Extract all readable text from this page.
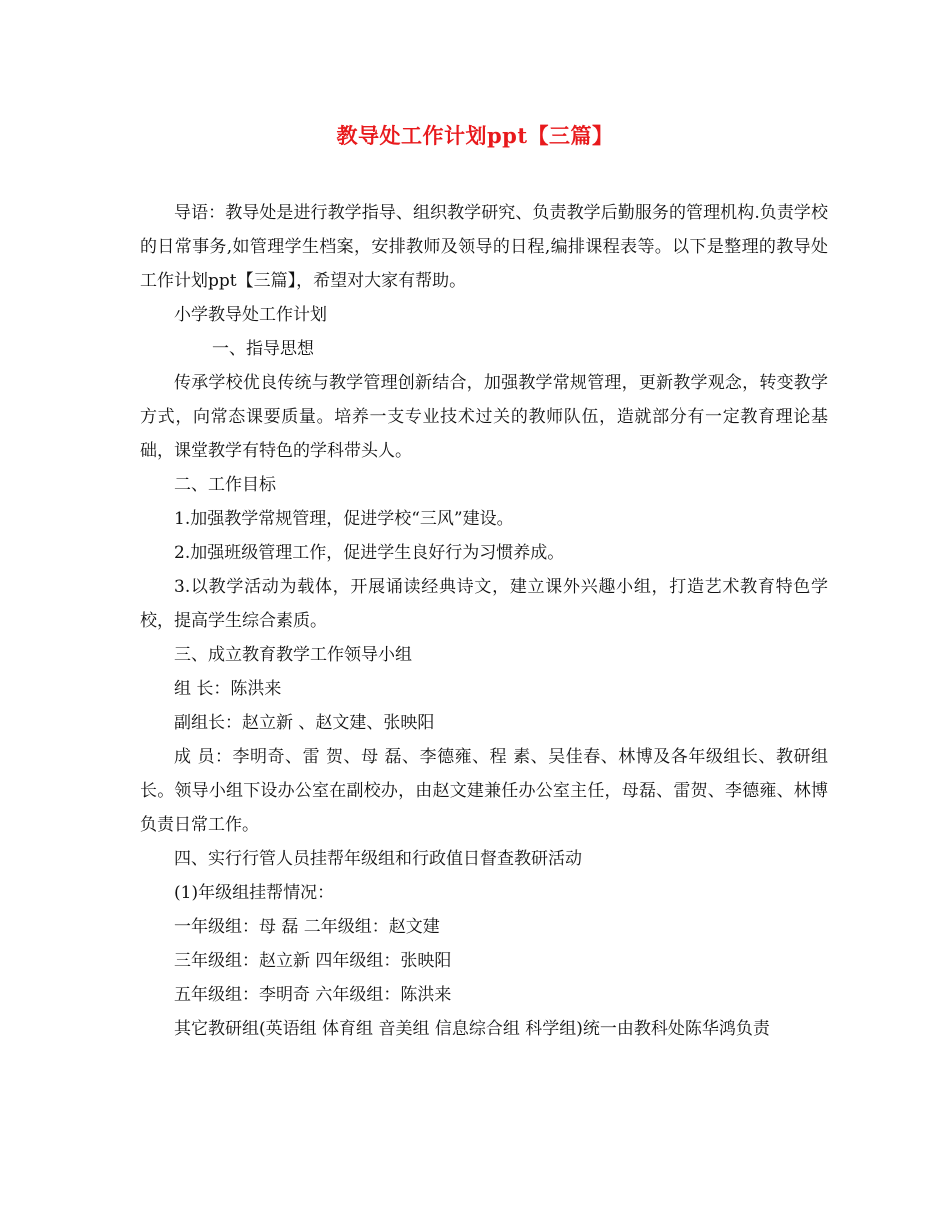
教导处工作计划ppt【三篇】

导语：教导处是进行教学指导、组织教学研究、负责教学后勤服务的管理机构.负责学校的日常事务,如管理学生档案，安排教师及领导的日程,编排课程表等。以下是整理的教导处工作计划ppt【三篇】，希望对大家有帮助。

小学教导处工作计划

一、指导思想

传承学校优良传统与教学管理创新结合，加强教学常规管理，更新教学观念，转变教学方式，向常态课要质量。培养一支专业技术过关的教师队伍，造就部分有一定教育理论基础，课堂教学有特色的学科带头人。

二、工作目标

1.加强教学常规管理，促进学校“三风”建设。

2.加强班级管理工作，促进学生良好行为习惯养成。

3.以教学活动为载体，开展诵读经典诗文，建立课外兴趣小组，打造艺术教育特色学校，提高学生综合素质。

三、成立教育教学工作领导小组

组 长：陈洪来

副组长：赵立新 、赵文建、张映阳

成 员：李明奇、雷 贺、母 磊、李德雍、程 素、吴佳春、林博及各年级组长、教研组长。领导小组下设办公室在副校办，由赵文建兼任办公室主任，母磊、雷贺、李德雍、林博负责日常工作。

四、实行行管人员挂帮年级组和行政值日督查教研活动

(1)年级组挂帮情况：

一年级组：母 磊 二年级组：赵文建

三年级组：赵立新 四年级组：张映阳

五年级组：李明奇 六年级组：陈洪来

其它教研组(英语组 体育组 音美组 信息综合组 科学组)统一由教科处陈华鸿负责
